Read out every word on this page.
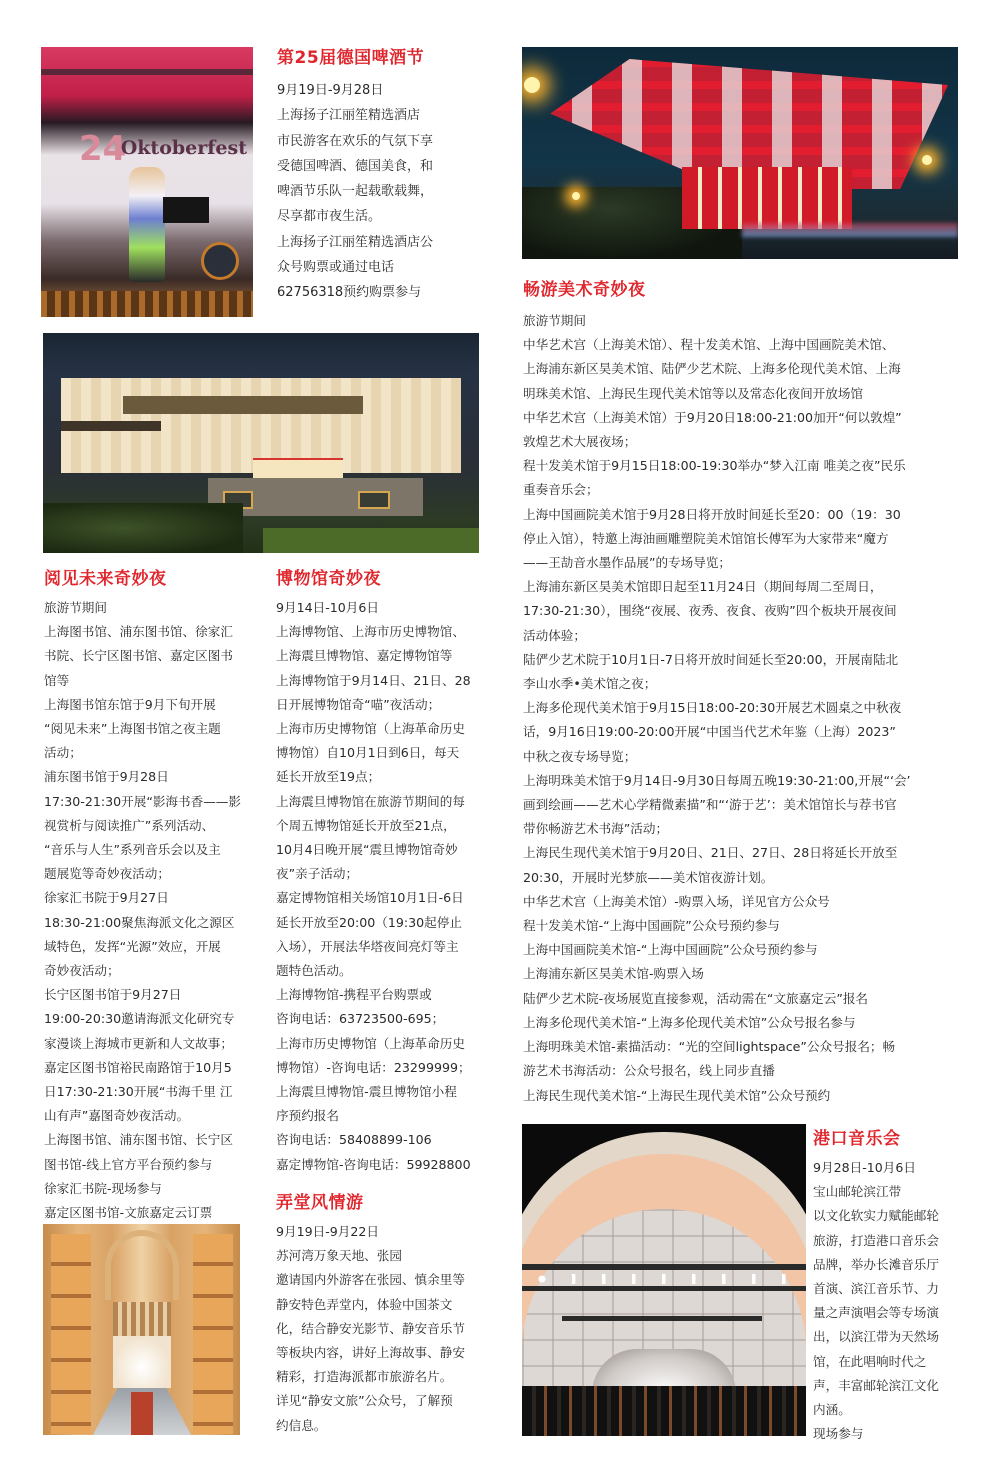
24
Oktoberfest
第25届德国啤酒节

9月19日-9月28日

上海扬子江丽笙精选酒店

市民游客在欢乐的气氛下享

受德国啤酒、德国美食，和

啤酒节乐队一起载歌载舞，

尽享都市夜生活。

上海扬子江丽笙精选酒店公

众号购票或通过电话

62756318预约购票参与

阅见未来奇妙夜

旅游节期间

上海图书馆、浦东图书馆、徐家汇

书院、长宁区图书馆、嘉定区图书

馆等

上海图书馆东馆于9月下旬开展

“阅见未来”上海图书馆之夜主题

活动；

浦东图书馆于9月28日

17:30-21:30开展“影海书香——影

视赏析与阅读推广”系列活动、

“音乐与人生”系列音乐会以及主

题展览等奇妙夜活动；

徐家汇书院于9月27日

18:30-21:00聚焦海派文化之源区

域特色，发挥“光源”效应，开展

奇妙夜活动；

长宁区图书馆于9月27日

19:00-20:30邀请海派文化研究专

家漫谈上海城市更新和人文故事；

嘉定区图书馆裕民南路馆于10月5

日17:30-21:30开展“书海千里 江

山有声”嘉图奇妙夜活动。

上海图书馆、浦东图书馆、长宁区

图书馆-线上官方平台预约参与

徐家汇书院-现场参与

嘉定区图书馆-文旅嘉定云订票

博物馆奇妙夜

9月14日-10月6日

上海博物馆、上海市历史博物馆、

上海震旦博物馆、嘉定博物馆等

上海博物馆于9月14日、21日、28

日开展博物馆奇“喵”夜活动；

上海市历史博物馆（上海革命历史

博物馆）自10月1日到6日，每天

延长开放至19点；

上海震旦博物馆在旅游节期间的每

个周五博物馆延长开放至21点，

10月4日晚开展“震旦博物馆奇妙

夜”亲子活动；

嘉定博物馆相关场馆10月1日-6日

延长开放至20:00（19:30起停止

入场），开展法华塔夜间亮灯等主

题特色活动。

上海博物馆-携程平台购票或

咨询电话：63723500-695；

上海市历史博物馆（上海革命历史

博物馆）-咨询电话：23299999；

上海震旦博物馆-震旦博物馆小程

序预约报名

咨询电话：58408899-106

嘉定博物馆-咨询电话：59928800

弄堂风情游

9月19日-9月22日

苏河湾万象天地、张园

邀请国内外游客在张园、慎余里等

静安特色弄堂内，体验中国茶文

化，结合静安光影节、静安音乐节

等板块内容，讲好上海故事、静安

精彩，打造海派都市旅游名片。

详见“静安文旅”公众号，了解预

约信息。

畅游美术奇妙夜

旅游节期间

中华艺术宫（上海美术馆）、程十发美术馆、上海中国画院美术馆、

上海浦东新区昊美术馆、陆俨少艺术院、上海多伦现代美术馆、上海

明珠美术馆、上海民生现代美术馆等以及常态化夜间开放场馆

中华艺术宫（上海美术馆）于9月20日18:00-21:00加开“何以敦煌”

敦煌艺术大展夜场；

程十发美术馆于9月15日18:00-19:30举办“梦入江南 唯美之夜”民乐

重奏音乐会；

上海中国画院美术馆于9月28日将开放时间延长至20：00（19：30

停止入馆），特邀上海油画雕塑院美术馆馆长傅军为大家带来“魔方

——王劼音水墨作品展”的专场导览；

上海浦东新区昊美术馆即日起至11月24日（期间每周二至周日，

17:30-21:30），围绕“夜展、夜秀、夜食、夜购”四个板块开展夜间

活动体验；

陆俨少艺术院于10月1日-7日将开放时间延长至20:00，开展南陆北

李山水季•美术馆之夜；

上海多伦现代美术馆于9月15日18:00-20:30开展艺术圆桌之中秋夜

话，9月16日19:00-20:00开展“中国当代艺术年鉴（上海）2023”

中秋之夜专场导览；

上海明珠美术馆于9月14日-9月30日每周五晚19:30-21:00,开展“‘会’

画到绘画——艺术心学精微素描”和“‘游于艺’：美术馆馆长与荐书官

带你畅游艺术书海”活动；

上海民生现代美术馆于9月20日、21日、27日、28日将延长开放至

20:30，开展时光梦旅——美术馆夜游计划。

中华艺术宫（上海美术馆）-购票入场，详见官方公众号

程十发美术馆-“上海中国画院”公众号预约参与

上海中国画院美术馆-“上海中国画院”公众号预约参与

上海浦东新区昊美术馆-购票入场

陆俨少艺术院-夜场展览直接参观，活动需在“文旅嘉定云”报名

上海多伦现代美术馆-“上海多伦现代美术馆”公众号报名参与

上海明珠美术馆-素描活动：“光的空间lightspace”公众号报名；畅

游艺术书海活动：公众号报名，线上同步直播

上海民生现代美术馆-“上海民生现代美术馆”公众号预约

港口音乐会

9月28日-10月6日

宝山邮轮滨江带

以文化软实力赋能邮轮

旅游，打造港口音乐会

品牌，举办长滩音乐厅

首演、滨江音乐节、力

量之声演唱会等专场演

出，以滨江带为天然场

馆，在此唱响时代之

声，丰富邮轮滨江文化

内涵。

现场参与
